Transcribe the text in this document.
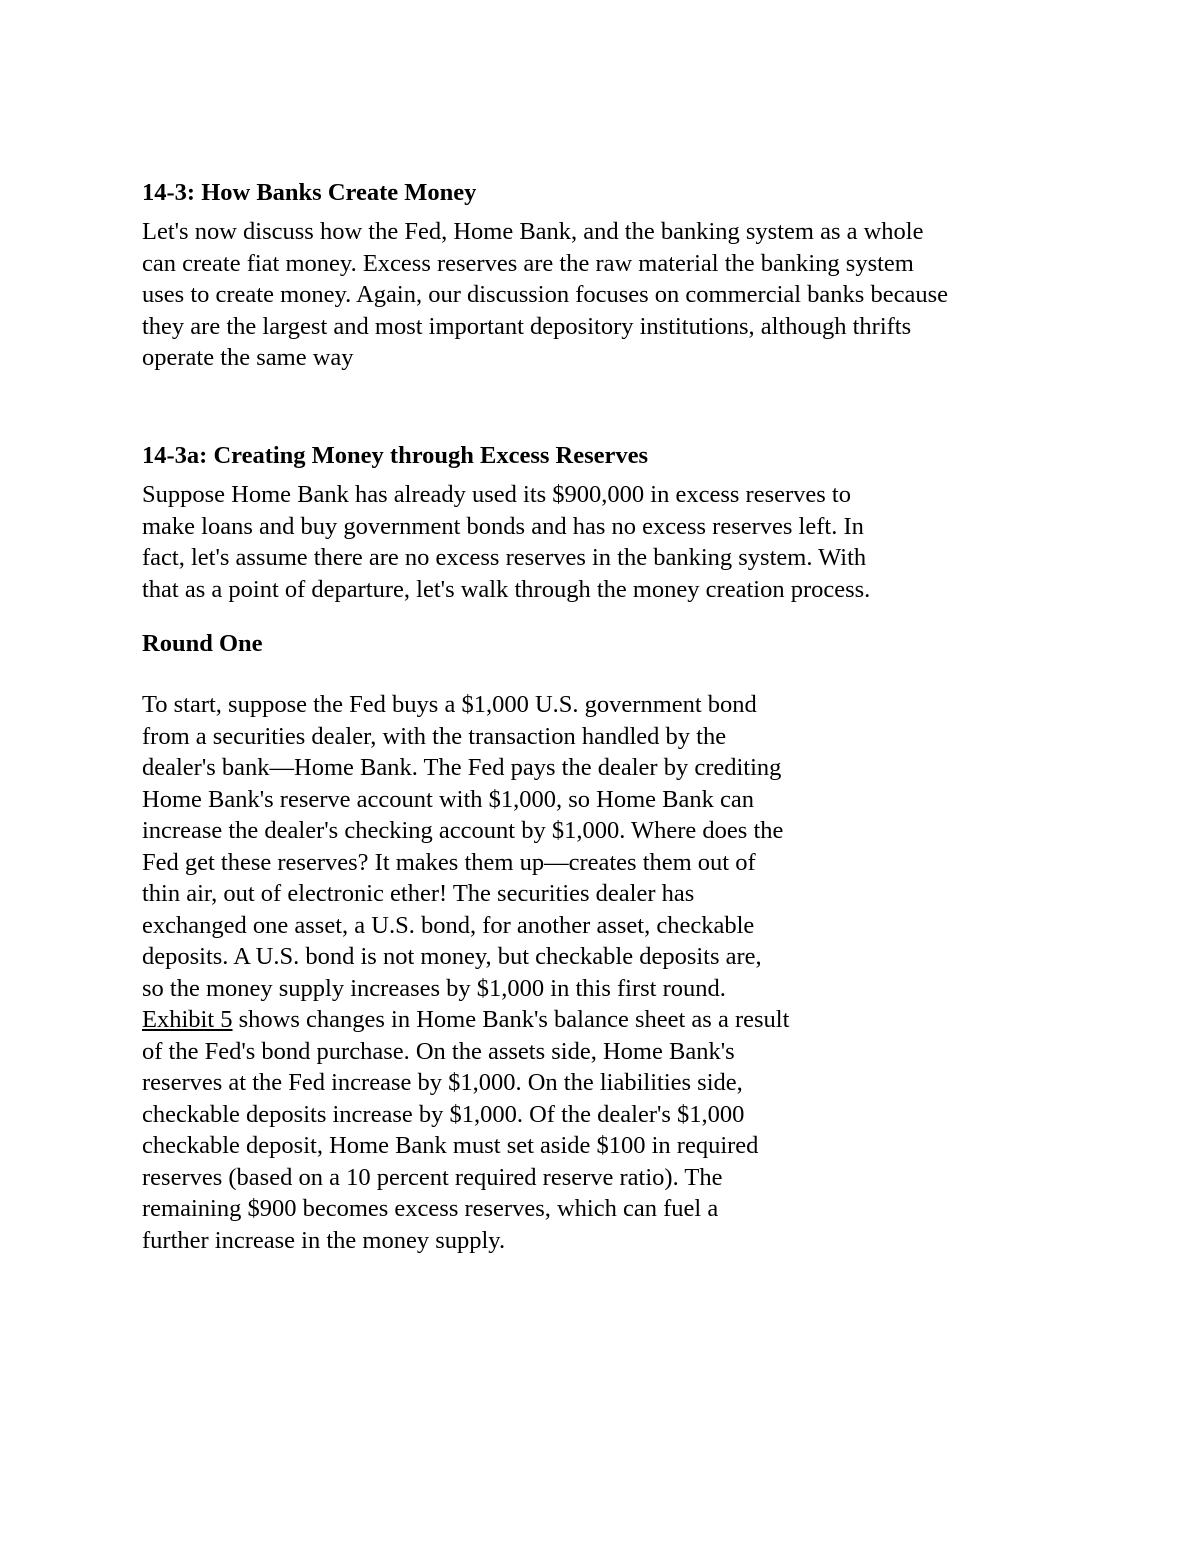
14-3: How Banks Create Money
Let's now discuss how the Fed, Home Bank, and the banking system as a whole
can create fiat money. Excess reserves are the raw material the banking system
uses to create money. Again, our discussion focuses on commercial banks because
they are the largest and most important depository institutions, although thrifts
operate the same way
14-3a: Creating Money through Excess Reserves
Suppose Home Bank has already used its $900,000 in excess reserves to
make loans and buy government bonds and has no excess reserves left. In
fact, let's assume there are no excess reserves in the banking system. With
that as a point of departure, let's walk through the money creation process.
Round One
To start, suppose the Fed buys a $1,000 U.S. government bond
from a securities dealer, with the transaction handled by the
dealer's bank—Home Bank. The Fed pays the dealer by crediting
Home Bank's reserve account with $1,000, so Home Bank can
increase the dealer's checking account by $1,000. Where does the
Fed get these reserves? It makes them up—creates them out of
thin air, out of electronic ether! The securities dealer has
exchanged one asset, a U.S. bond, for another asset, checkable
deposits. A U.S. bond is not money, but checkable deposits are,
so the money supply increases by $1,000 in this first round.
Exhibit 5 shows changes in Home Bank's balance sheet as a result
of the Fed's bond purchase. On the assets side, Home Bank's
reserves at the Fed increase by $1,000. On the liabilities side,
checkable deposits increase by $1,000. Of the dealer's $1,000
checkable deposit, Home Bank must set aside $100 in required
reserves (based on a 10 percent required reserve ratio). The
remaining $900 becomes excess reserves, which can fuel a
further increase in the money supply.
